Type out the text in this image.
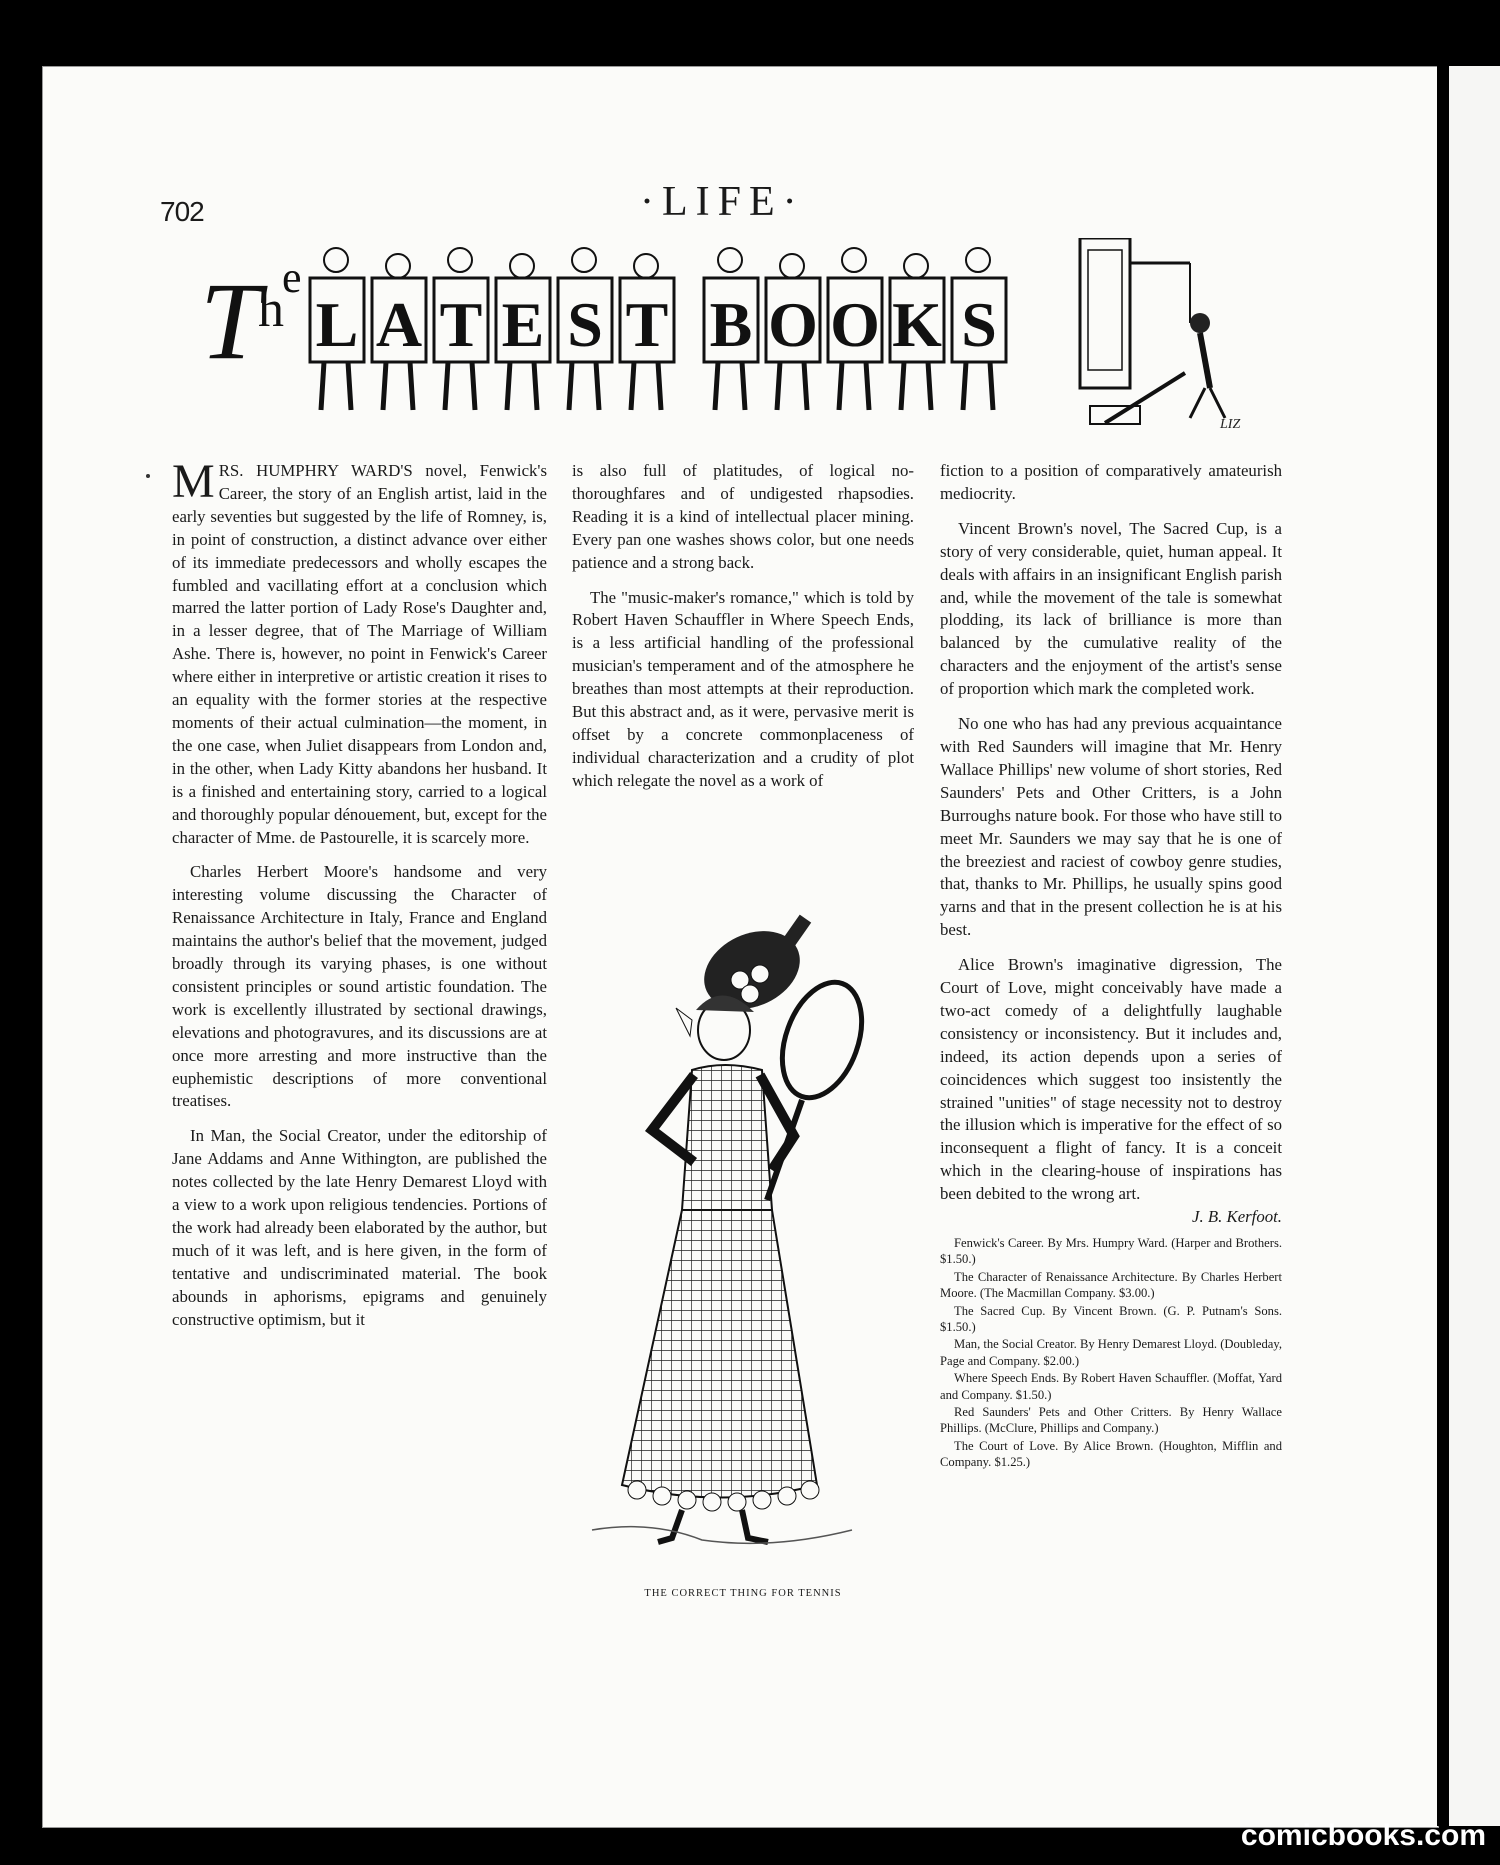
702	·LIFE·
T
h
e
L A T E S T B O O K S
LIZ

MRS. HUMPHRY WARD'S novel, Fenwick's Career, the story of an English artist, laid in the early seventies but suggested by the life of Romney, is, in point of construction, a distinct advance over either of its immediate predecessors and wholly escapes the fumbled and vacillating effort at a conclusion which marred the latter portion of Lady Rose's Daughter and, in a lesser degree, that of The Marriage of William Ashe. There is, however, no point in Fenwick's Career where either in interpretive or artistic creation it rises to an equality with the former stories at the respective moments of their actual culmination—the moment, in the one case, when Juliet disappears from London and, in the other, when Lady Kitty abandons her husband. It is a finished and entertaining story, carried to a logical and thoroughly popular dénouement, but, except for the character of Mme. de Pastourelle, it is scarcely more.

Charles Herbert Moore's handsome and very interesting volume discussing the Character of Renaissance Architecture in Italy, France and England maintains the author's belief that the movement, judged broadly through its varying phases, is one without consistent principles or sound artistic foundation. The work is excellently illustrated by sectional drawings, elevations and photogravures, and its discussions are at once more arresting and more instructive than the euphemistic descriptions of more conventional treatises.

In Man, the Social Creator, under the editorship of Jane Addams and Anne Withington, are published the notes collected by the late Henry Demarest Lloyd with a view to a work upon religious tendencies. Portions of the work had already been elaborated by the author, but much of it was left, and is here given, in the form of tentative and undiscriminated material. The book abounds in aphorisms, epigrams and genuinely constructive optimism, but it

is also full of platitudes, of logical no-thoroughfares and of undigested rhapsodies. Reading it is a kind of intellectual placer mining. Every pan one washes shows color, but one needs patience and a strong back.

The "music-maker's romance," which is told by Robert Haven Schauffler in Where Speech Ends, is a less artificial handling of the professional musician's temperament and of the atmosphere he breathes than most attempts at their reproduction. But this abstract and, as it were, pervasive merit is offset by a concrete commonplaceness of individual characterization and a crudity of plot which relegate the novel as a work of

THE CORRECT THING FOR TENNIS

fiction to a position of comparatively amateurish mediocrity.

Vincent Brown's novel, The Sacred Cup, is a story of very considerable, quiet, human appeal. It deals with affairs in an insignificant English parish and, while the movement of the tale is somewhat plodding, its lack of brilliance is more than balanced by the cumulative reality of the characters and the enjoyment of the artist's sense of proportion which mark the completed work.

No one who has had any previous acquaintance with Red Saunders will imagine that Mr. Henry Wallace Phillips' new volume of short stories, Red Saunders' Pets and Other Critters, is a John Burroughs nature book. For those who have still to meet Mr. Saunders we may say that he is one of the breeziest and raciest of cowboy genre studies, that, thanks to Mr. Phillips, he usually spins good yarns and that in the present collection he is at his best.

Alice Brown's imaginative digression, The Court of Love, might conceivably have made a two-act comedy of a delightfully laughable consistency or inconsistency. But it includes and, indeed, its action depends upon a series of coincidences which suggest too insistently the strained "unities" of stage necessity not to destroy the illusion which is imperative for the effect of so inconsequent a flight of fancy. It is a conceit which in the clearing-house of inspirations has been debited to the wrong art.

J. B. Kerfoot.
Fenwick's Career. By Mrs. Humpry Ward. (Harper and Brothers. $1.50.)
The Character of Renaissance Architecture. By Charles Herbert Moore. (The Macmillan Company. $3.00.)
The Sacred Cup. By Vincent Brown. (G. P. Putnam's Sons. $1.50.)
Man, the Social Creator. By Henry Demarest Lloyd. (Doubleday, Page and Company. $2.00.)
Where Speech Ends. By Robert Haven Schauffler. (Moffat, Yard and Company. $1.50.)
Red Saunders' Pets and Other Critters. By Henry Wallace Phillips. (McClure, Phillips and Company.)
The Court of Love. By Alice Brown. (Houghton, Mifflin and Company. $1.25.)
comicbooks.com
